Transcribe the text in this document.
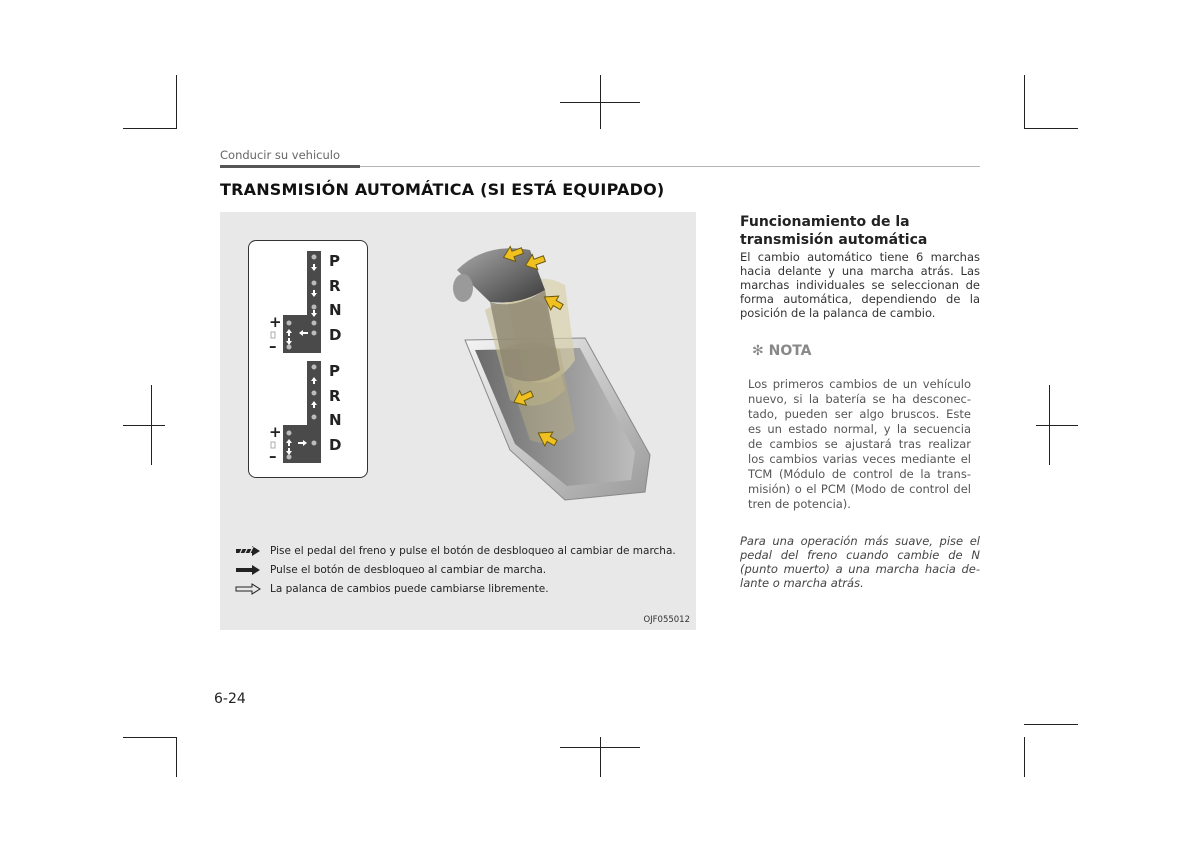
Conducir su vehiculo
TRANSMISIÓN AUTOMÁTICA (SI ESTÁ EQUIPADO)
P
R
N
D
P
R
N
D
+
–
+
–
Pise el pedal del freno y pulse el botón de desbloqueo al cambiar de marcha.
Pulse el botón de desbloqueo al cambiar de marcha.
La palanca de cambios puede cambiarse libremente.
OJF055012
Funcionamiento de la transmisión automática
El cambio automático tiene 6 marchas hacia delante y una marcha atrás. Las marchas individuales se seleccionan de forma automática, dependiendo de la posición de la palanca de cambio.
✻ NOTA
Los primeros cambios de un vehículo nuevo, si la batería se ha desconec- tado, pueden ser algo bruscos. Este es un estado normal, y la secuencia de cambios se ajustará tras realizar los cambios varias veces mediante el TCM (Módulo de control de la trans- misión) o el PCM (Modo de control del tren de potencia).
Para una operación más suave, pise el pedal del freno cuando cambie de N (punto muerto) a una marcha hacia de- lante o marcha atrás.
6-24
